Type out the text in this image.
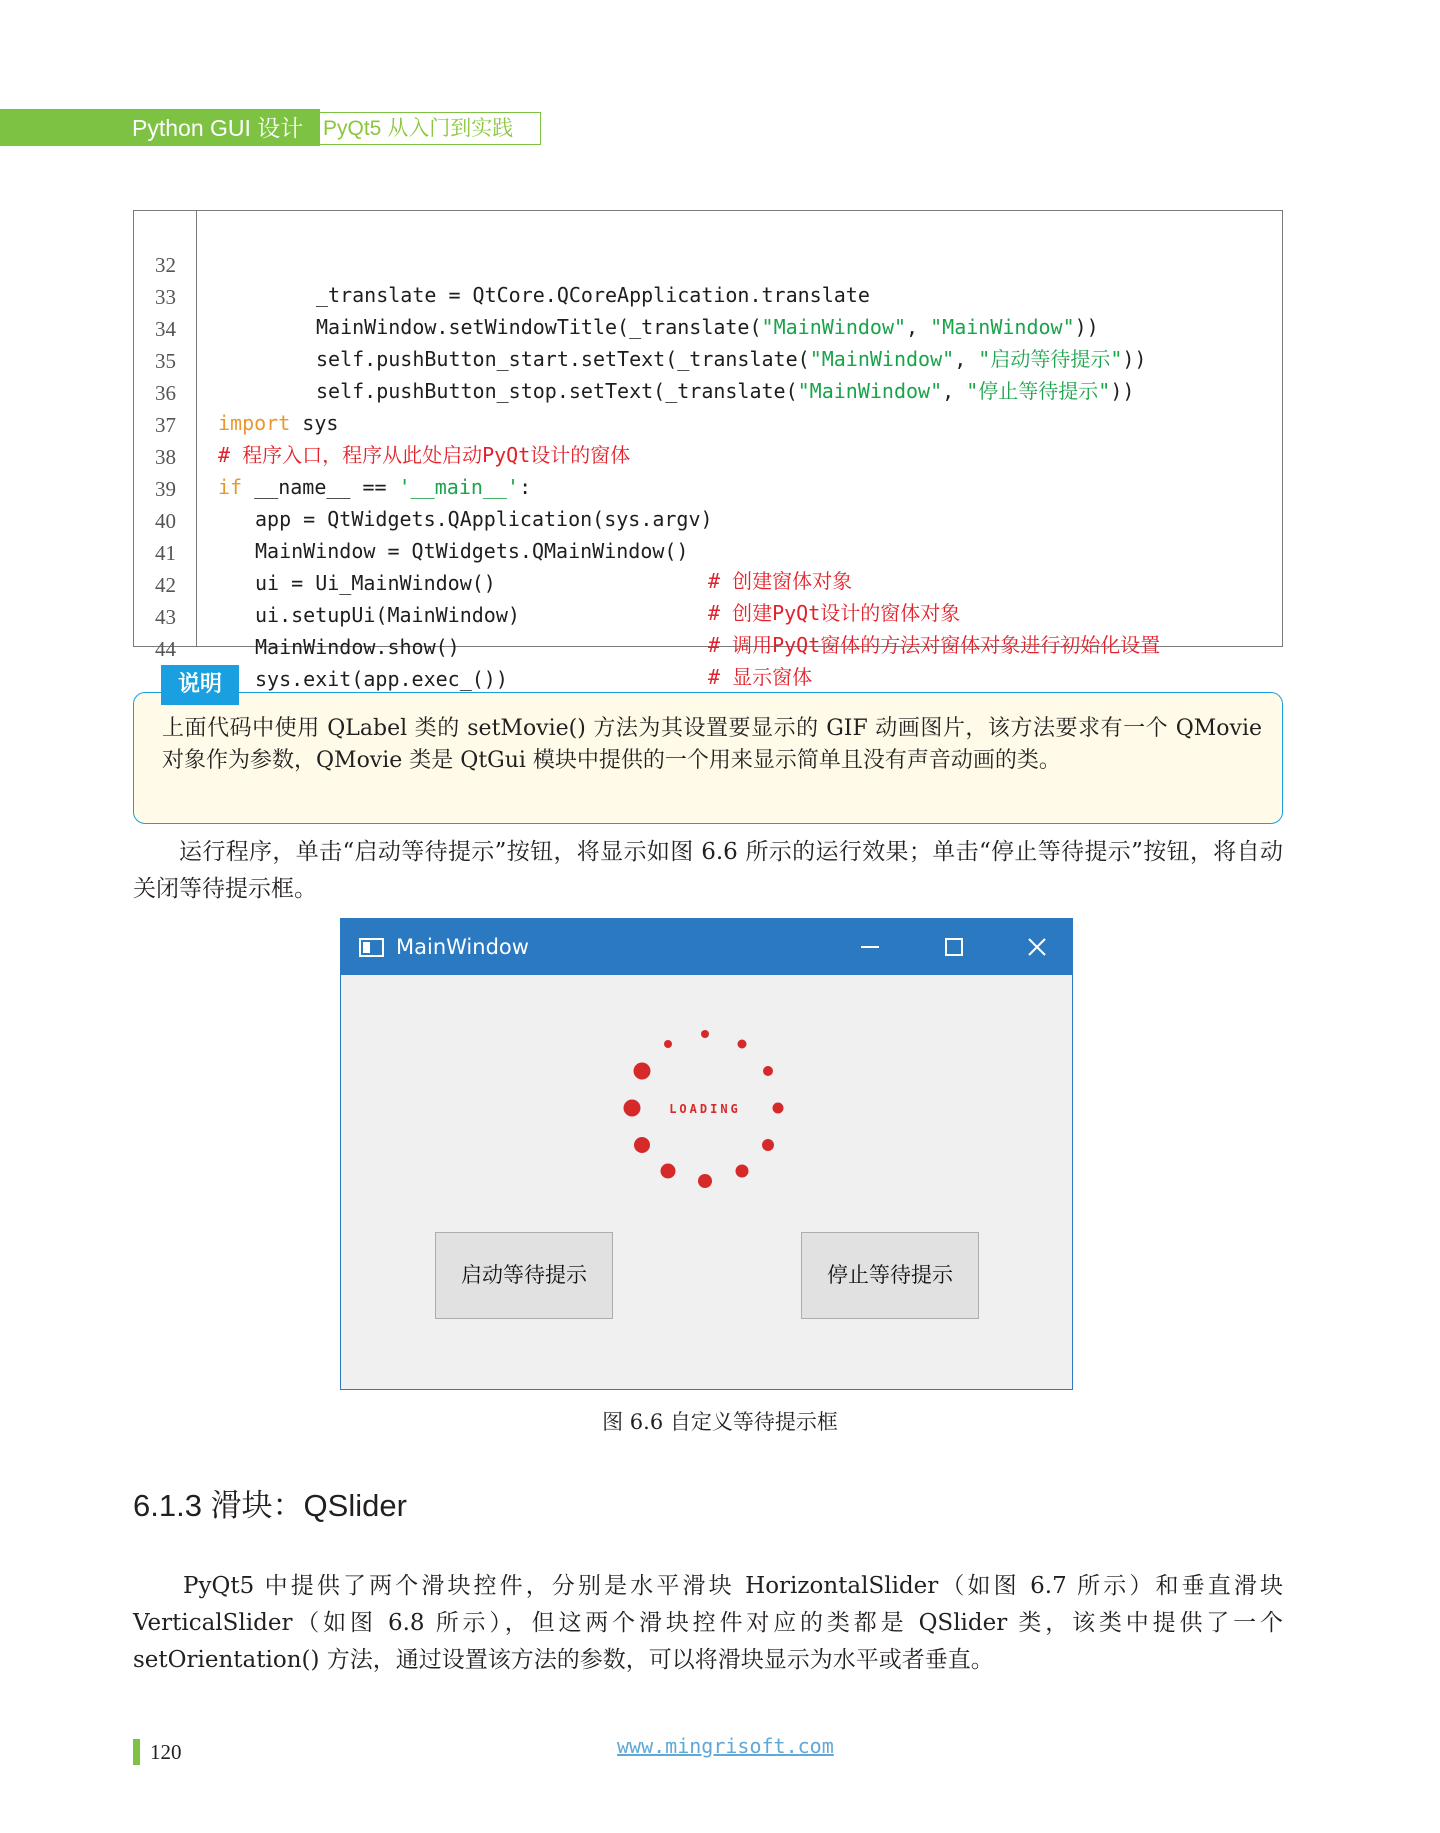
Python GUI 设计 PyQt5 从入门到实践

32

_translate = QtCore.QCoreApplication.translate

33

MainWindow.setWindowTitle(_translate("MainWindow", "MainWindow"))

34

self.pushButton_start.setText(_translate("MainWindow", "启动等待提示"))

35

self.pushButton_stop.setText(_translate("MainWindow", "停止等待提示"))

36

import sys

37

# 程序入口，程序从此处启动PyQt设计的窗体

38

if __name__ == '__main__':

39

app = QtWidgets.QApplication(sys.argv)

40

MainWindow = QtWidgets.QMainWindow()

# 创建窗体对象

41

ui = Ui_MainWindow()

# 创建PyQt设计的窗体对象

42

ui.setupUi(MainWindow)

# 调用PyQt窗体的方法对窗体对象进行初始化设置

43

MainWindow.show()

# 显示窗体

44

sys.exit(app.exec_())

上面代码中使用 QLabel 类的 setMovie() 方法为其设置要显示的 GIF 动画图片，该方法要求有一个 QMovie 对象作为参数，QMovie 类是 QtGui 模块中提供的一个用来显示简单且没有声音动画的类。
说明
运行程序，单击“启动等待提示”按钮，将显示如图 6.6 所示的运行效果；单击“停止等待提示”按钮，将自动关闭等待提示框。
MainWindow
LOADING
启动等待提示	停止等待提示
图 6.6 自定义等待提示框
6.1.3 滑块：QSlider
PyQt5 中提供了两个滑块控件，分别是水平滑块 HorizontalSlider（如图 6.7 所示）和垂直滑块 VerticalSlider（如图 6.8 所示），但这两个滑块控件对应的类都是 QSlider 类，该类中提供了一个 setOrientation() 方法，通过设置该方法的参数，可以将滑块显示为水平或者垂直。
120	www.mingrisoft.com
